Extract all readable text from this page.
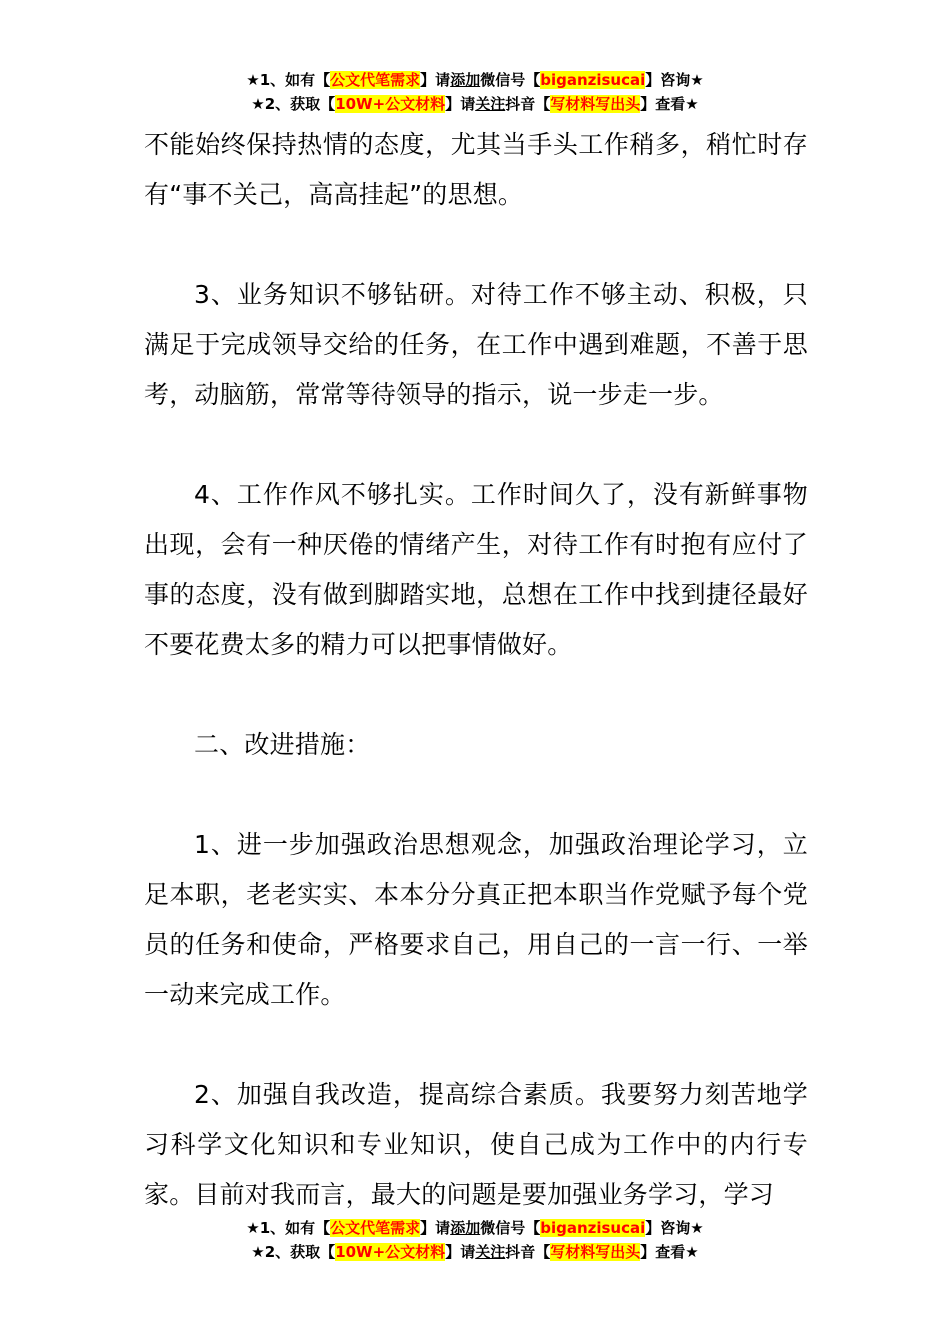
★1、如有【公文代笔需求】请添加微信号【biganzisucai】咨询★
★2、获取【10W+公文材料】请关注抖音【写材料写出头】查看★

不能始终保持热情的态度，尤其当手头工作稍多，稍忙时存有“事不关己，高高挂起”的思想。

3、业务知识不够钻研。对待工作不够主动、积极，只满足于完成领导交给的任务，在工作中遇到难题，不善于思考，动脑筋，常常等待领导的指示，说一步走一步。

4、工作作风不够扎实。工作时间久了，没有新鲜事物出现，会有一种厌倦的情绪产生，对待工作有时抱有应付了事的态度，没有做到脚踏实地，总想在工作中找到捷径最好不要花费太多的精力可以把事情做好。

二、改进措施：

1、进一步加强政治思想观念，加强政治理论学习，立足本职，老老实实、本本分分真正把本职当作党赋予每个党员的任务和使命，严格要求自己，用自己的一言一行、一举一动来完成工作。

2、加强自我改造，提高综合素质。我要努力刻苦地学习科学文化知识和专业知识，使自己成为工作中的内行专家。目前对我而言，最大的问题是要加强业务学习，学习

★1、如有【公文代笔需求】请添加微信号【biganzisucai】咨询★
★2、获取【10W+公文材料】请关注抖音【写材料写出头】查看★
